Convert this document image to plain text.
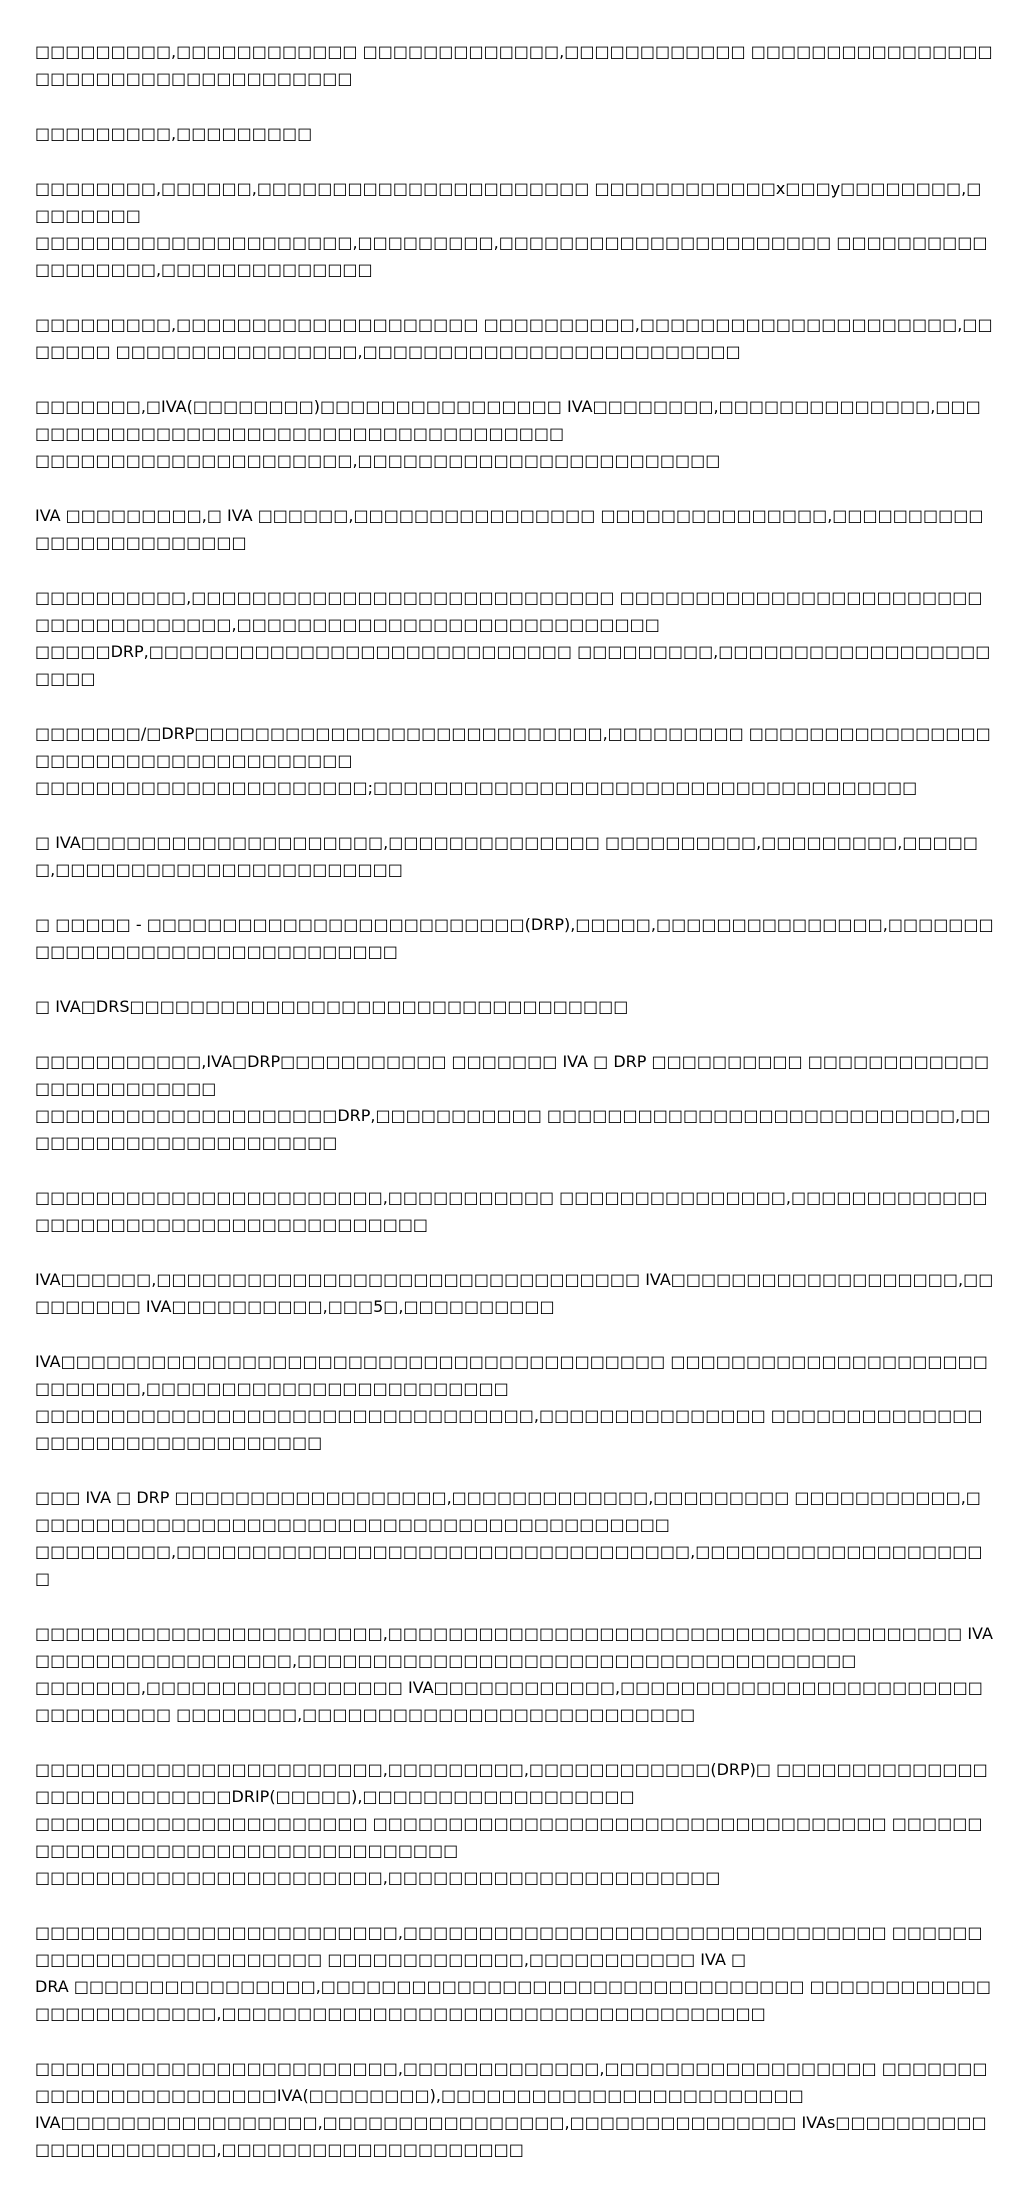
□□□□□□□□□,□□□□□□□□□□□□ □□□□□□□□□□□□□,□□□□□□□□□□□□ □□□□□□□□□□□□□□□□□□□□□□□□□□□□□□□□□□□□□

□□□□□□□□□,□□□□□□□□□

□□□□□□□□,□□□□□□,□□□□□□□□□□□□□□□□□□□□□□ □□□□□□□□□□□□x□□□y□□□□□□□□,□□□□□□□□
□□□□□□□□□□□□□□□□□□□□□,□□□□□□□□□,□□□□□□□□□□□□□□□□□□□□□□ □□□□□□□□□□□□□□□□□□,□□□□□□□□□□□□□□

□□□□□□□□□,□□□□□□□□□□□□□□□□□□□□ □□□□□□□□□□,□□□□□□□□□□□□□□□□□□□□□,□□□□□□□ □□□□□□□□□□□□□□□□,□□□□□□□□□□□□□□□□□□□□□□□□□

□□□□□□□,□IVA(□□□□□□□□)□□□□□□□□□□□□□□□□ IVA□□□□□□□□,□□□□□□□□□□□□□□,□□□□□□□□□□□□□□□□□□□□□□□□□□□□□□□□□□□□□□
□□□□□□□□□□□□□□□□□□□□□,□□□□□□□□□□□□□□□□□□□□□□□□

IVA □□□□□□□□□,□ IVA □□□□□□,□□□□□□□□□□□□□□□□ □□□□□□□□□□□□□□□,□□□□□□□□□□□□□□□□□□□□□□□□

□□□□□□□□□□,□□□□□□□□□□□□□□□□□□□□□□□□□□□□ □□□□□□□□□□□□□□□□□□□□□□□□□□□□□□□□□□□□□,□□□□□□□□□□□□□□□□□□□□□□□□□□□□
□□□□□DRP,□□□□□□□□□□□□□□□□□□□□□□□□□□□□ □□□□□□□□□,□□□□□□□□□□□□□□□□□□□□□□

□□□□□□□/□DRP□□□□□□□□□□□□□□□□□□□□□□□□□□□,□□□□□□□□□ □□□□□□□□□□□□□□□□□□□□□□□□□□□□□□□□□□□□□
□□□□□□□□□□□□□□□□□□□□□□;□□□□□□□□□□□□□□□□□□□□□□□□□□□□□□□□□□□□

□ IVA□□□□□□□□□□□□□□□□□□□□,□□□□□□□□□□□□□□ □□□□□□□□□□,□□□□□□□□□,□□□□□□,□□□□□□□□□□□□□□□□□□□□□□□

□ □□□□□ - □□□□□□□□□□□□□□□□□□□□□□□□□(DRP),□□□□□,□□□□□□□□□□□□□□□,□□□□□□□□□□□□□□□□□□□□□□□□□□□□□□□

□ IVA□DRS□□□□□□□□□□□□□□□□□□□□□□□□□□□□□□□□□

□□□□□□□□□□□,IVA□DRP□□□□□□□□□□□ □□□□□□□ IVA □ DRP □□□□□□□□□□ □□□□□□□□□□□□□□□□□□□□□□□□
□□□□□□□□□□□□□□□□□□□□DRP,□□□□□□□□□□□ □□□□□□□□□□□□□□□□□□□□□□□□□□□,□□□□□□□□□□□□□□□□□□□□□□

□□□□□□□□□□□□□□□□□□□□□□□,□□□□□□□□□□□ □□□□□□□□□□□□□□□,□□□□□□□□□□□□□□□□□□□□□□□□□□□□□□□□□□□□□□□

IVA□□□□□□,□□□□□□□□□□□□□□□□□□□□□□□□□□□□□□□□ IVA□□□□□□□□□□□□□□□□□□□,□□□□□□□□□ IVA□□□□□□□□□□,□□□5□,□□□□□□□□□□

IVA□□□□□□□□□□□□□□□□□□□□□□□□□□□□□□□□□□□□□□□□ □□□□□□□□□□□□□□□□□□□□□□□□□□□□,□□□□□□□□□□□□□□□□□□□□□□□□
□□□□□□□□□□□□□□□□□□□□□□□□□□□□□□□□□,□□□□□□□□□□□□□□□ □□□□□□□□□□□□□□□□□□□□□□□□□□□□□□□□□

□□□ IVA □ DRP □□□□□□□□□□□□□□□□□□,□□□□□□□□□□□□□,□□□□□□□□□ □□□□□□□□□□□,□□□□□□□□□□□□□□□□□□□□□□□□□□□□□□□□□□□□□□□□□□□
□□□□□□□□□,□□□□□□□□□□□□□□□□□□□□□□□□□□□□□□□□□□,□□□□□□□□□□□□□□□□□□□□

□□□□□□□□□□□□□□□□□□□□□□□,□□□□□□□□□□□□□□□□□□□□□□□□□□□□□□□□□□□□□□ IVA□□□□□□□□□□□□□□□□□,□□□□□□□□□□□□□□□□□□□□□□□□□□□□□□□□□□□□□
□□□□□□□,□□□□□□□□□□□□□□□□□ IVA□□□□□□□□□□□□,□□□□□□□□□□□□□□□□□□□□□□□□□□□□□□□□□ □□□□□□□□,□□□□□□□□□□□□□□□□□□□□□□□□□□

□□□□□□□□□□□□□□□□□□□□□□□,□□□□□□□□□,□□□□□□□□□□□□(DRP)□ □□□□□□□□□□□□□□□□□□□□□□□□□□□DRIP(□□□□□),□□□□□□□□□□□□□□□□□□
□□□□□□□□□□□□□□□□□□□□□□ □□□□□□□□□□□□□□□□□□□□□□□□□□□□□□□□□□ □□□□□□□□□□□□□□□□□□□□□□□□□□□□□□□□□□
□□□□□□□□□□□□□□□□□□□□□□□,□□□□□□□□□□□□□□□□□□□□□□

□□□□□□□□□□□□□□□□□□□□□□□□,□□□□□□□□□□□□□□□□□□□□□□□□□□□□□□□□ □□□□□□□□□□□□□□□□□□□□□□□□□ □□□□□□□□□□□□□,□□□□□□□□□□□ IVA □
DRA □□□□□□□□□□□□□□□□,□□□□□□□□□□□□□□□□□□□□□□□□□□□□□□□□ □□□□□□□□□□□□□□□□□□□□□□□□,□□□□□□□□□□□□□□□□□□□□□□□□□□□□□□□□□□□□

□□□□□□□□□□□□□□□□□□□□□□□□,□□□□□□□□□□□□□,□□□□□□□□□□□□□□□□□□ □□□□□□□□□□□□□□□□□□□□□□□IVA(□□□□□□□□),□□□□□□□□□□□□□□□□□□□□□□□□
IVA□□□□□□□□□□□□□□□□□,□□□□□□□□□□□□□□□□,□□□□□□□□□□□□□□□ IVAs□□□□□□□□□□□□□□□□□□□□□□,□□□□□□□□□□□□□□□□□□□□
